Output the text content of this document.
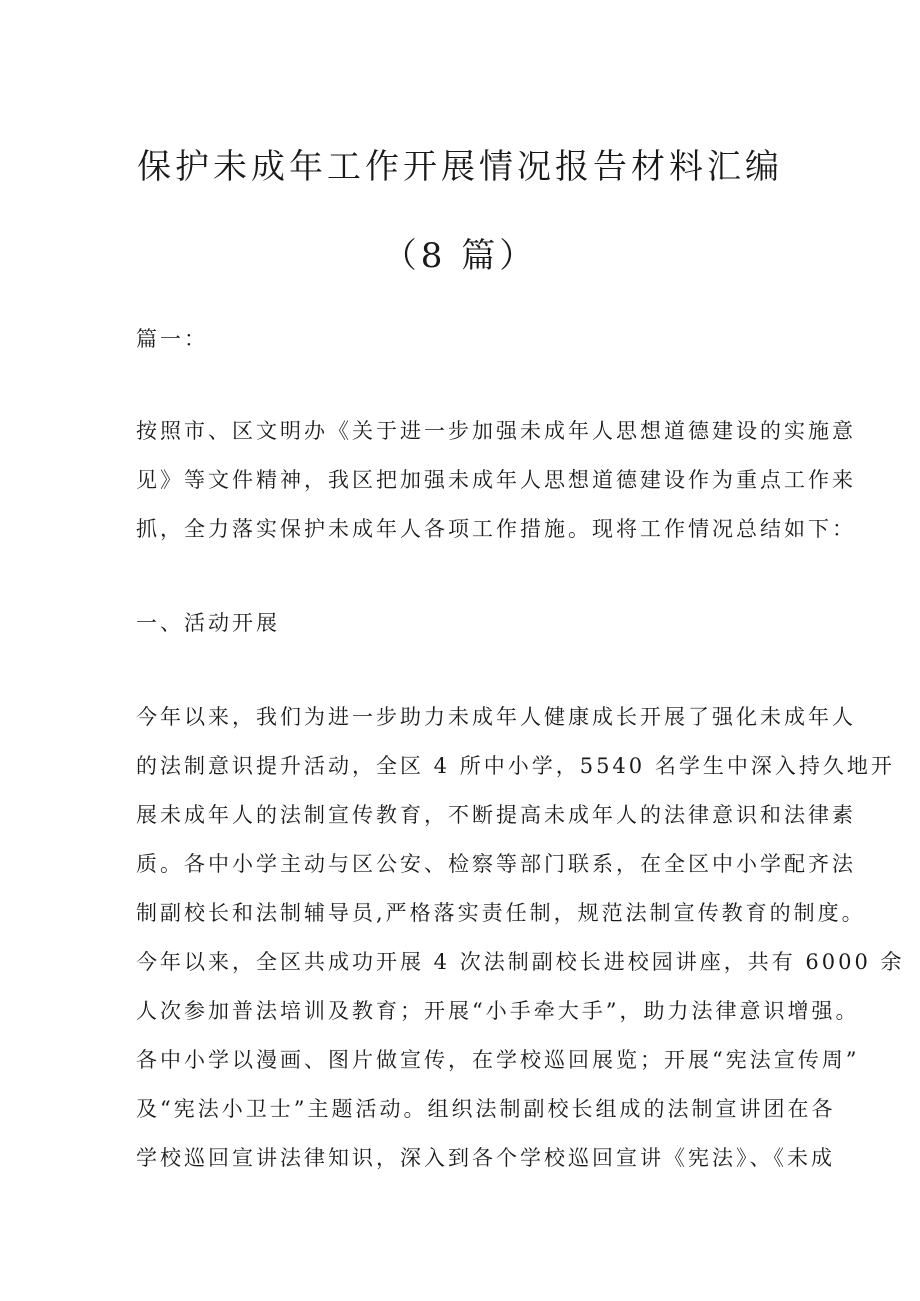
保护未成年工作开展情况报告材料汇编
（8 篇）
篇一：
按照市、区文明办《关于进一步加强未成年人思想道德建设的实施意
见》等文件精神，我区把加强未成年人思想道德建设作为重点工作来
抓，全力落实保护未成年人各项工作措施。现将工作情况总结如下：
一、活动开展
今年以来，我们为进一步助力未成年人健康成长开展了强化未成年人
的法制意识提升活动，全区 4 所中小学，5540 名学生中深入持久地开
展未成年人的法制宣传教育，不断提高未成年人的法律意识和法律素
质。各中小学主动与区公安、检察等部门联系，在全区中小学配齐法
制副校长和法制辅导员,严格落实责任制，规范法制宣传教育的制度。
今年以来，全区共成功开展 4 次法制副校长进校园讲座，共有 6000 余
人次参加普法培训及教育；开展“小手牵大手”，助力法律意识增强。
各中小学以漫画、图片做宣传，在学校巡回展览；开展“宪法宣传周”
及“宪法小卫士”主题活动。组织法制副校长组成的法制宣讲团在各
学校巡回宣讲法律知识，深入到各个学校巡回宣讲《宪法》、《未成
